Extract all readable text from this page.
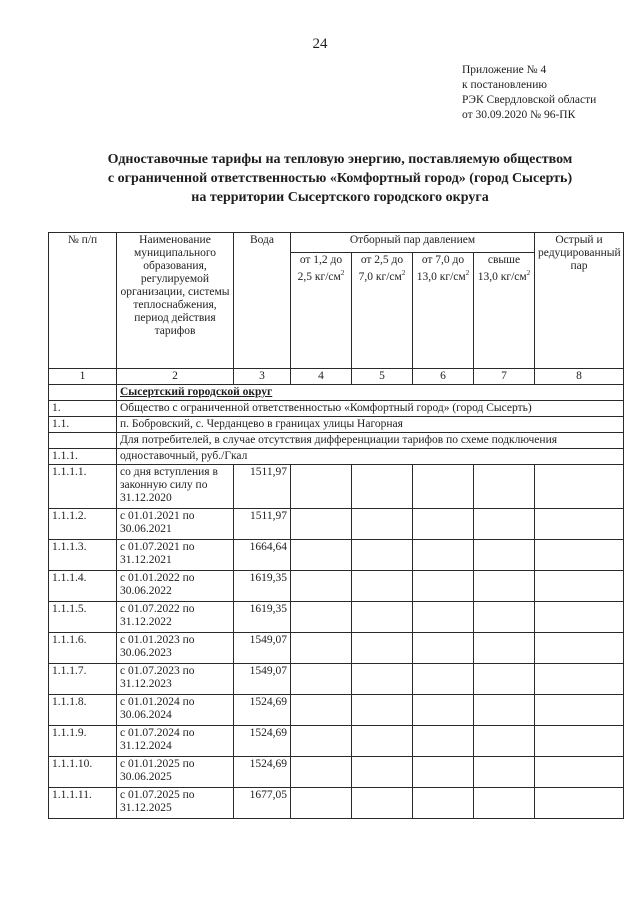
24
Приложение № 4
к постановлению
РЭК Свердловской области
от 30.09.2020 № 96-ПК
Одноставочные тарифы на тепловую энергию, поставляемую обществом
с ограниченной ответственностью «Комфортный город» (город Сысерть)
на территории Сысертского городского округа
№ п/п	Наименование муниципального образования, регулируемой организации, системы теплоснабжения, период действия тарифов	Вода	Отборный пар давлением				Острый и редуцированный пар
			от 1,2 до 2,5 $кг/см^2$	от 2,5 до 7,0 $кг/см^2$	от 7,0 до 13,0 $кг/см^2$	свыше 13,0 $кг/см^2$
1	2	3	4	5	6	7	8
	Сысертский городской округ						
1.	Общество с ограниченной ответственностью «Комфортный город» (город Сысерть)						
1.1.	п. Бобровский, с. Черданцево в границах улицы Нагорная						
	Для потребителей, в случае отсутствия дифференциации тарифов по схеме подключения						
1.1.1.	одноставочный, руб./Гкал						
1.1.1.1.	со дня вступления в законную силу по 31.12.2020	1511,97					
1.1.1.2.	с 01.01.2021 по 30.06.2021	1511,97					
1.1.1.3.	с 01.07.2021 по 31.12.2021	1664,64					
1.1.1.4.	с 01.01.2022 по 30.06.2022	1619,35					
1.1.1.5.	с 01.07.2022 по 31.12.2022	1619,35					
1.1.1.6.	с 01.01.2023 по 30.06.2023	1549,07					
1.1.1.7.	с 01.07.2023 по 31.12.2023	1549,07					
1.1.1.8.	с 01.01.2024 по 30.06.2024	1524,69					
1.1.1.9.	с 01.07.2024 по 31.12.2024	1524,69					
1.1.1.10.	с 01.01.2025 по 30.06.2025	1524,69					
1.1.1.11.	с 01.07.2025 по 31.12.2025	1677,05					
